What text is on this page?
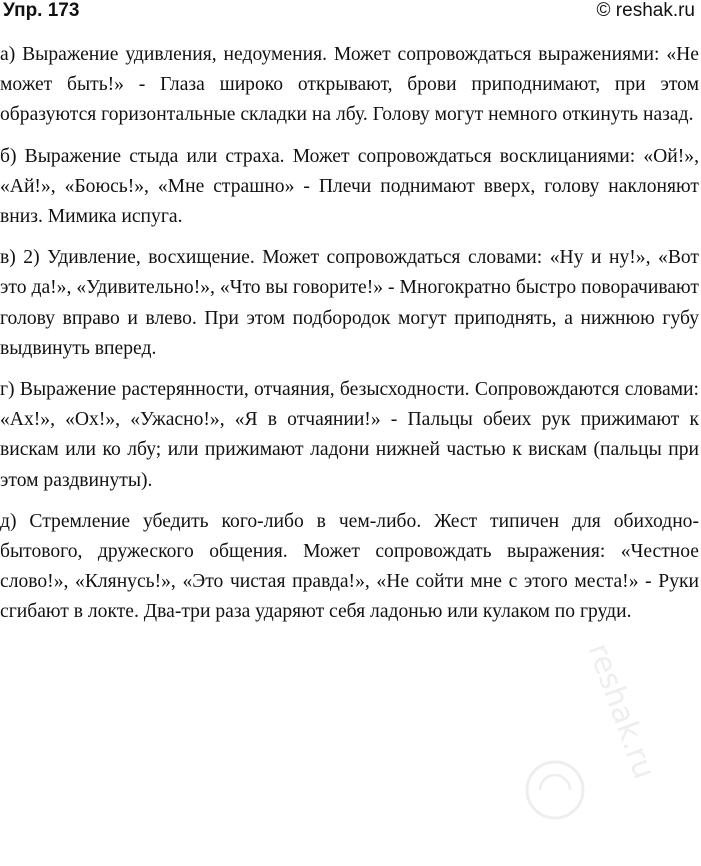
Упр. 173	© reshak.ru

а) Выражение удивления, недоумения. Может сопровождаться выражениями: «Не может быть!» - Глаза широко открывают, брови приподнимают, при этом образуются горизонтальные складки на лбу. Голову могут немного откинуть назад.

б) Выражение стыда или страха. Может сопровождаться восклицаниями: «Ой!», «Ай!», «Боюсь!», «Мне страшно» - Плечи поднимают вверх, голову наклоняют вниз. Мимика испуга.

в) 2) Удивление, восхищение. Может сопровождаться словами: «Ну и ну!», «Вот это да!», «Удивительно!», «Что вы говорите!» - Многократно быстро поворачивают голову вправо и влево. При этом подбородок могут приподнять, а нижнюю губу выдвинуть вперед.

г) Выражение растерянности, отчаяния, безысходности. Сопровождаются словами: «Ах!», «Ох!», «Ужасно!», «Я в отчаянии!» - Пальцы обеих рук прижимают к вискам или ко лбу; или прижимают ладони нижней частью к вискам (пальцы при этом раздвинуты).

д) Стремление убедить кого-либо в чем-либо. Жест типичен для обиходно-бытового, дружеского общения. Может сопровождать выражения: «Честное слово!», «Клянусь!», «Это чистая правда!», «Не сойти мне с этого места!» - Руки сгибают в локте. Два-три раза ударяют себя ладонью или кулаком по груди.

reshak.ru
